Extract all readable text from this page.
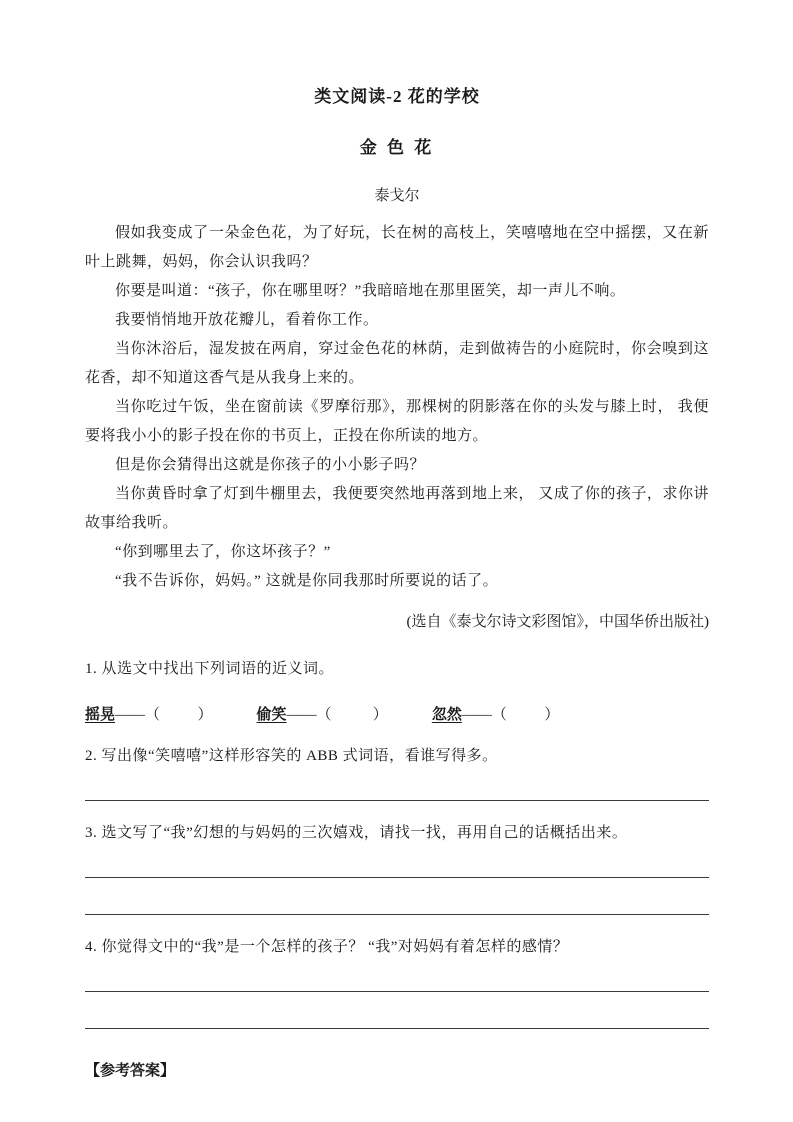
类文阅读-2 花的学校
金 色 花
泰戈尔

假如我变成了一朵金色花，为了好玩，长在树的高枝上，笑嘻嘻地在空中摇摆，又在新叶上跳舞，妈妈，你会认识我吗？

你要是叫道：“孩子，你在哪里呀？”我暗暗地在那里匿笑，却一声儿不响。

我要悄悄地开放花瓣儿，看着你工作。

当你沐浴后，湿发披在两肩，穿过金色花的林荫，走到做祷告的小庭院时，你会嗅到这花香，却不知道这香气是从我身上来的。

当你吃过午饭，坐在窗前读《罗摩衍那》，那棵树的阴影落在你的头发与膝上时， 我便要将我小小的影子投在你的书页上，正投在你所读的地方。

但是你会猜得出这就是你孩子的小小影子吗？

当你黄昏时拿了灯到牛棚里去，我便要突然地再落到地上来， 又成了你的孩子，求你讲故事给我听。

“你到哪里去了，你这坏孩子？”

“我不告诉你，妈妈。” 这就是你同我那时所要说的话了。

(选自《泰戈尔诗文彩图馆》，中国华侨出版社)

1. 从选文中找出下列词语的近义词。

摇晃——（          ）	偷笑——（           ）	忽然——（          ）

2. 写出像“笑嘻嘻”这样形容笑的 ABB 式词语，看谁写得多。

3. 选文写了“我”幻想的与妈妈的三次嬉戏，请找一找，再用自己的话概括出来。

4. 你觉得文中的“我”是一个怎样的孩子？ “我”对妈妈有着怎样的感情？

【参考答案】
